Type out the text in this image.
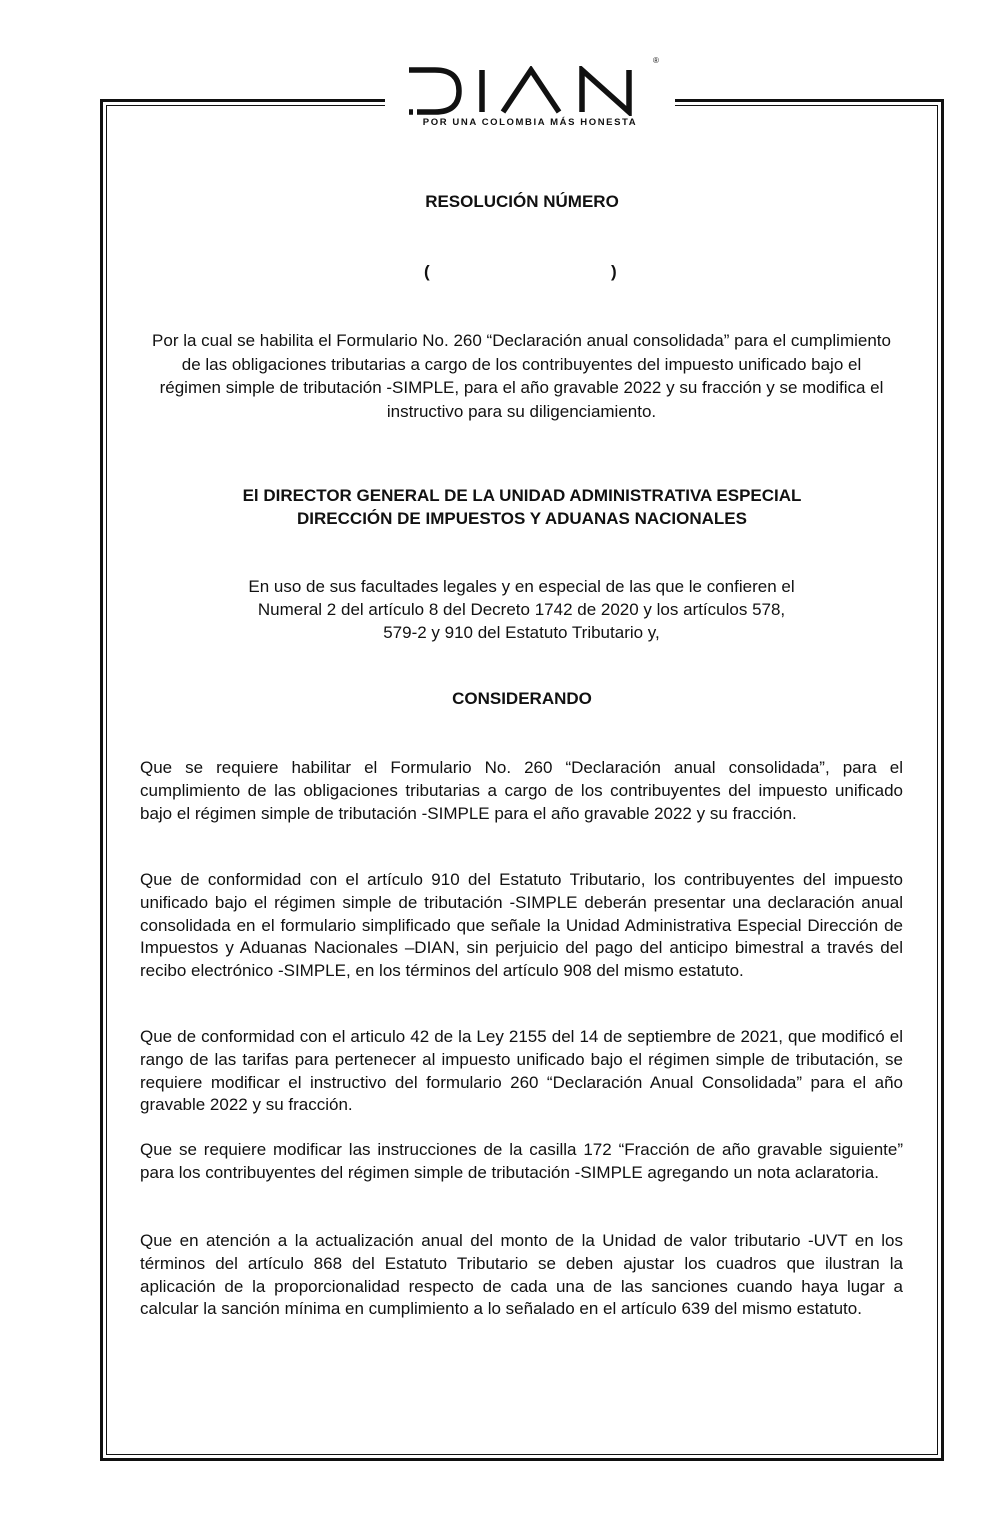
®
POR UNA COLOMBIA MÁS HONESTA
RESOLUCIÓN NÚMERO
(	)
Por la cual se habilita el Formulario No. 260 “Declaración anual consolidada” para el cumplimiento de las obligaciones tributarias a cargo de los contribuyentes del impuesto unificado bajo el régimen simple de tributación -SIMPLE, para el año gravable 2022 y su fracción y se modifica el instructivo para su diligenciamiento.
El DIRECTOR GENERAL DE LA UNIDAD ADMINISTRATIVA ESPECIAL
DIRECCIÓN DE IMPUESTOS Y ADUANAS NACIONALES
En uso de sus facultades legales y en especial de las que le confieren el
Numeral 2 del artículo 8 del Decreto 1742 de 2020 y los artículos 578,
579-2 y 910 del Estatuto Tributario y,
CONSIDERANDO
Que se requiere habilitar el Formulario No. 260 “Declaración anual consolidada”, para el cumplimiento de las obligaciones tributarias a cargo de los contribuyentes del impuesto unificado bajo el régimen simple de tributación -SIMPLE para el año gravable 2022 y su fracción.
Que de conformidad con el artículo 910 del Estatuto Tributario, los contribuyentes del impuesto unificado bajo el régimen simple de tributación -SIMPLE deberán presentar una declaración anual consolidada en el formulario simplificado que señale la Unidad Administrativa Especial Dirección de Impuestos y Aduanas Nacionales –DIAN, sin perjuicio del pago del anticipo bimestral a través del recibo electrónico -SIMPLE, en los términos del artículo 908 del mismo estatuto.
Que de conformidad con el articulo 42 de la Ley 2155 del 14 de septiembre de 2021, que modificó el rango de las tarifas para pertenecer al impuesto unificado bajo el régimen simple de tributación, se requiere modificar el instructivo del formulario 260 “Declaración Anual Consolidada” para el año gravable 2022 y su fracción.
Que se requiere modificar las instrucciones de la casilla 172 “Fracción de año gravable siguiente” para los contribuyentes del régimen simple de tributación -SIMPLE agregando un nota aclaratoria.
Que en atención a la actualización anual del monto de la Unidad de valor tributario -UVT en los términos del artículo 868 del Estatuto Tributario se deben ajustar los cuadros que ilustran la aplicación de la proporcionalidad respecto de cada una de las sanciones cuando haya lugar a calcular la sanción mínima en cumplimiento a lo señalado en el artículo 639 del mismo estatuto.
